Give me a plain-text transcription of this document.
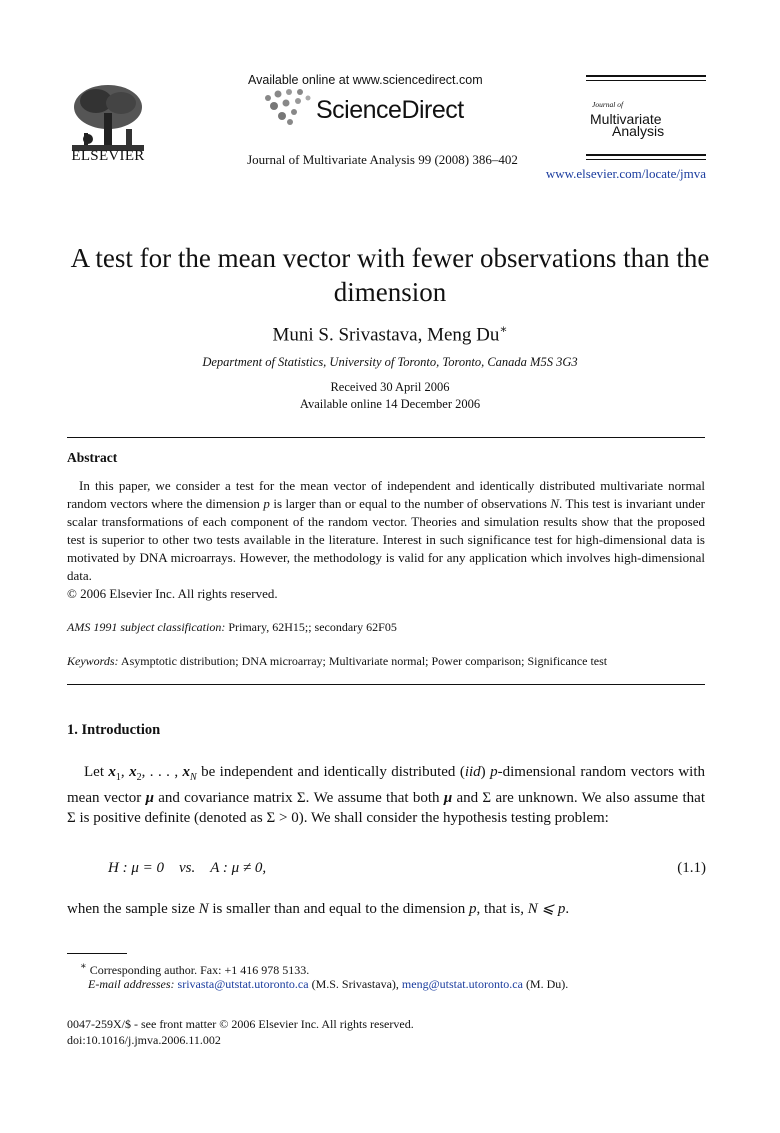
ELSEVIER
Available online at www.sciencedirect.com
ScienceDirect
Journal of Multivariate Analysis 99 (2008) 386–402
Journal of
Multivariate
Analysis
www.elsevier.com/locate/jmva
A test for the mean vector with fewer observations than the dimension
Muni S. Srivastava, Meng Du∗
Department of Statistics, University of Toronto, Toronto, Canada M5S 3G3
Received 30 April 2006
Available online 14 December 2006
Abstract
In this paper, we consider a test for the mean vector of independent and identically distributed multivariate normal random vectors where the dimension p is larger than or equal to the number of observations N. This test is invariant under scalar transformations of each component of the random vector. Theories and simulation results show that the proposed test is superior to other two tests available in the literature. Interest in such significance test for high-dimensional data is motivated by DNA microarrays. However, the methodology is valid for any application which involves high-dimensional data.
© 2006 Elsevier Inc. All rights reserved.
AMS 1991 subject classification: Primary, 62H15;; secondary 62F05
Keywords: Asymptotic distribution; DNA microarray; Multivariate normal; Power comparison; Significance test
1. Introduction

Let $x_1$, $x_2$, . . . , $x_N$ be independent and identically distributed (iid) p-dimensional random vectors with mean vector μ and covariance matrix Σ. We assume that both μ and Σ are unknown. We also assume that Σ is positive definite (denoted as Σ > 0). We shall consider the hypothesis testing problem:

H : μ = 0 vs. A : μ ≠ 0,	(1.1)
when the sample size N is smaller than and equal to the dimension p, that is, N ⩽ p.
∗ Corresponding author. Fax: +1 416 978 5133.
E-mail addresses: srivasta@utstat.utoronto.ca (M.S. Srivastava), meng@utstat.utoronto.ca (M. Du).
0047-259X/$ - see front matter © 2006 Elsevier Inc. All rights reserved.
doi:10.1016/j.jmva.2006.11.002
